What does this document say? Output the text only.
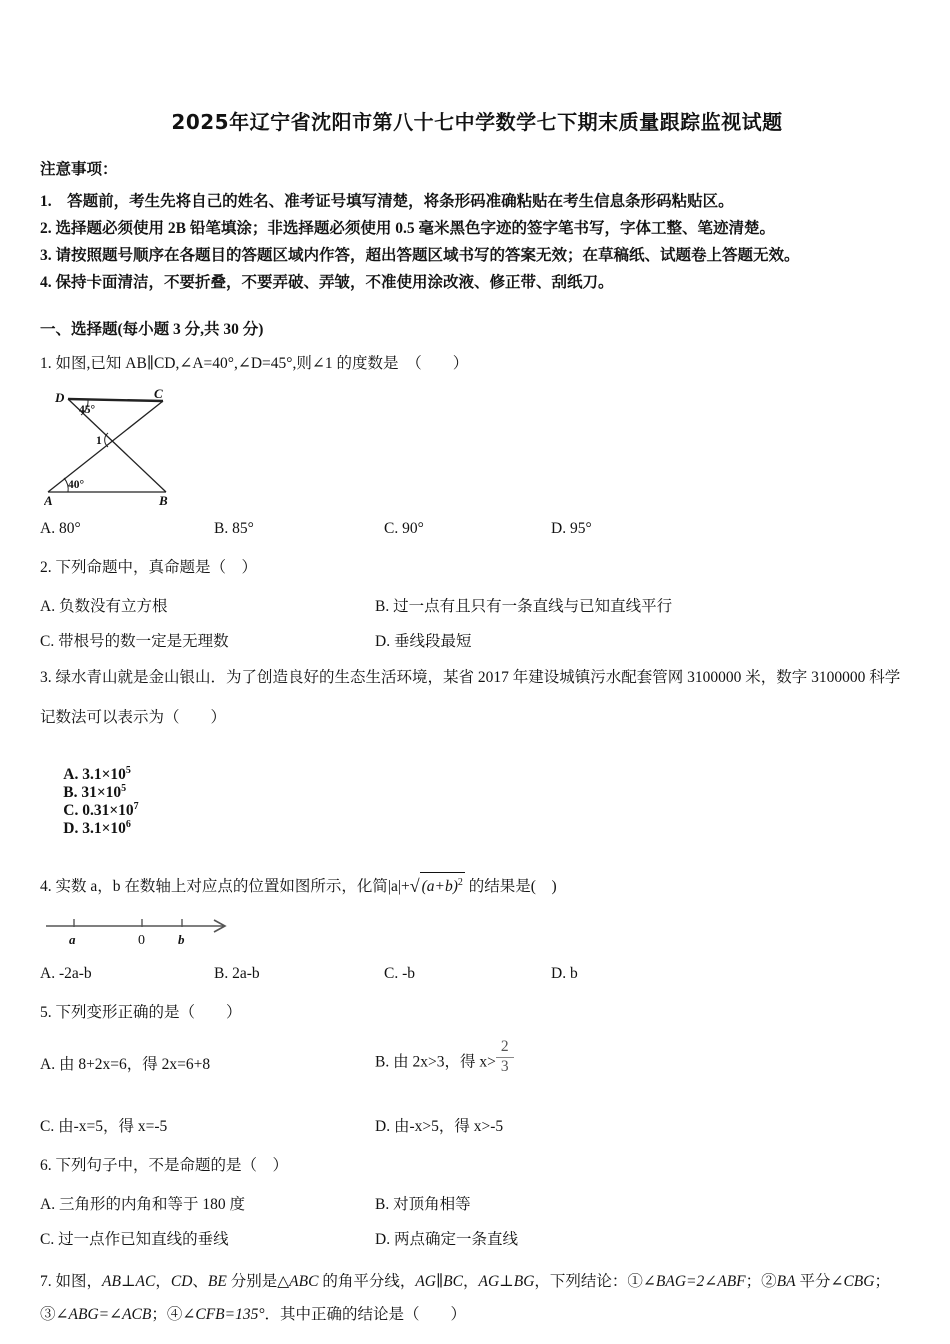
2025年辽宁省沈阳市第八十七中学数学七下期末质量跟踪监视试题
注意事项：
1.　答题前，考生先将自己的姓名、准考证号填写清楚，将条形码准确粘贴在考生信息条形码粘贴区。
2. 选择题必须使用 2B 铅笔填涂；非选择题必须使用 0.5 毫米黑色字迹的签字笔书写，字体工整、笔迹清楚。
3. 请按照题号顺序在各题目的答题区域内作答，超出答题区域书写的答案无效；在草稿纸、试题卷上答题无效。
4. 保持卡面清洁，不要折叠，不要弄破、弄皱，不准使用涂改液、修正带、刮纸刀。
一、选择题(每小题 3 分,共 30 分)
1. 如图,已知 AB∥CD,∠A=40°,∠D=45°,则∠1 的度数是　（　　）
D	C
A	B
45°
40°
1
A. 80°	B. 85°	C. 90°	D. 95°
2. 下列命题中，真命题是（　）
A. 负数没有立方根	B. 过一点有且只有一条直线与已知直线平行
C. 带根号的数一定是无理数	D. 垂线段最短
3. 绿水青山就是金山银山．为了创造良好的生态生活环境，某省 2017 年建设城镇污水配套管网 3100000 米，数字 3100000 科学记数法可以表示为（　　）

A. $3.1\times 10^5$
B. $31\times 10^5$
C. $0.31\times 10^7$
D. $3.1\times 10^6$

4. 实数 a，b 在数轴上对应点的位置如图所示，化简|a|+√ $(a+b)^2$ 的结果是(　)
a	0	b
A. -2a-b	B. 2a-b	C. -b	D. b
5. 下列变形正确的是（　　）
A. 由 8+2x=6，得 2x=6+8	B. 由 2x>3，得 $x> \frac{2}{3}$
C. 由-x=5，得 x=-5	D. 由-x>5，得 x>-5
6. 下列句子中，不是命题的是（　）
A. 三角形的内角和等于 180 度	B. 对顶角相等
C. 过一点作已知直线的垂线	D. 两点确定一条直线
7. 如图，AB⊥AC，CD、BE 分别是△ABC 的角平分线，AG∥BC，AG⊥BG，下列结论：①∠BAG=2∠ABF；②BA 平分∠CBG；③∠ABG=∠ACB；④∠CFB=135°．其中正确的结论是（　　）
